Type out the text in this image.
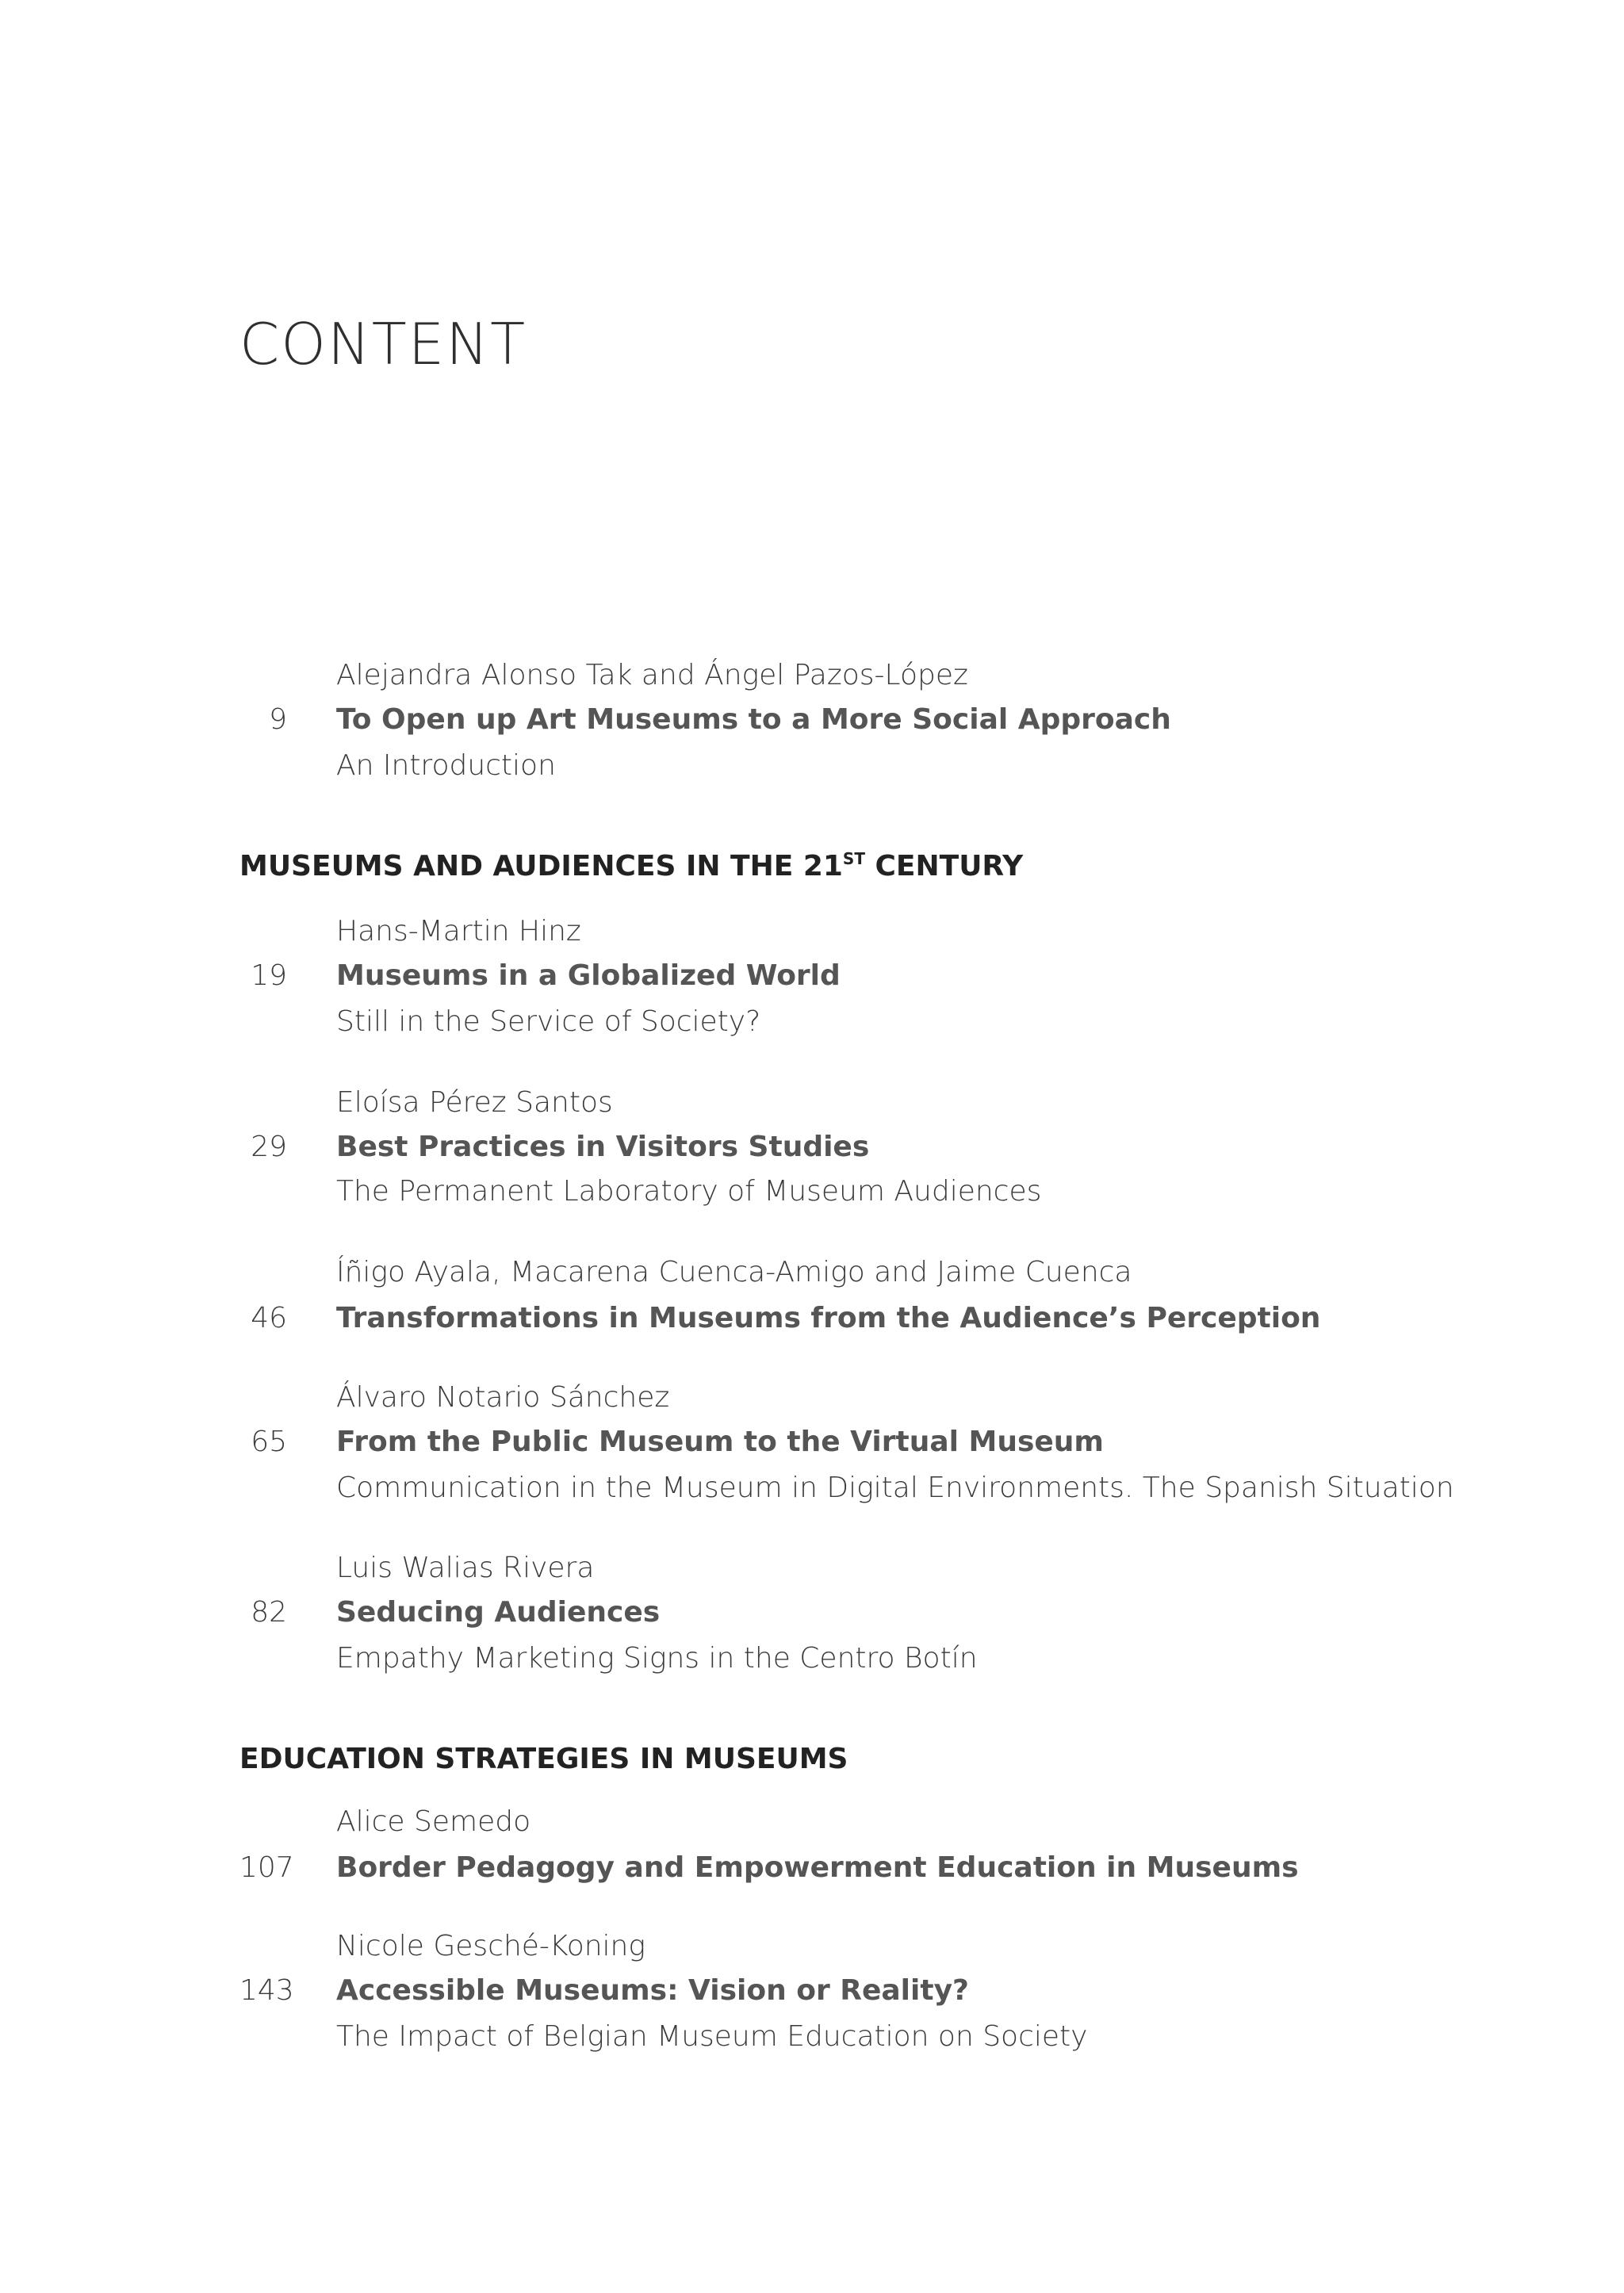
CONTENT
Alejandra Alonso Tak and Ángel Pazos-López
9 To Open up Art Museums to a More Social Approach
An Introduction
MUSEUMS AND AUDIENCES IN THE 21ST CENTURY
Hans-Martin Hinz
19 Museums in a Globalized World
Still in the Service of Society?
Eloísa Pérez Santos
29 Best Practices in Visitors Studies
The Permanent Laboratory of Museum Audiences
Íñigo Ayala, Macarena Cuenca-Amigo and Jaime Cuenca
46 Transformations in Museums from the Audience’s Perception
Álvaro Notario Sánchez
65 From the Public Museum to the Virtual Museum
Communication in the Museum in Digital Environments. The Spanish Situation
Luis Walias Rivera
82 Seducing Audiences
Empathy Marketing Signs in the Centro Botín
EDUCATION STRATEGIES IN MUSEUMS
Alice Semedo
107 Border Pedagogy and Empowerment Education in Museums
Nicole Gesché-Koning
143 Accessible Museums: Vision or Reality?
The Impact of Belgian Museum Education on Society
